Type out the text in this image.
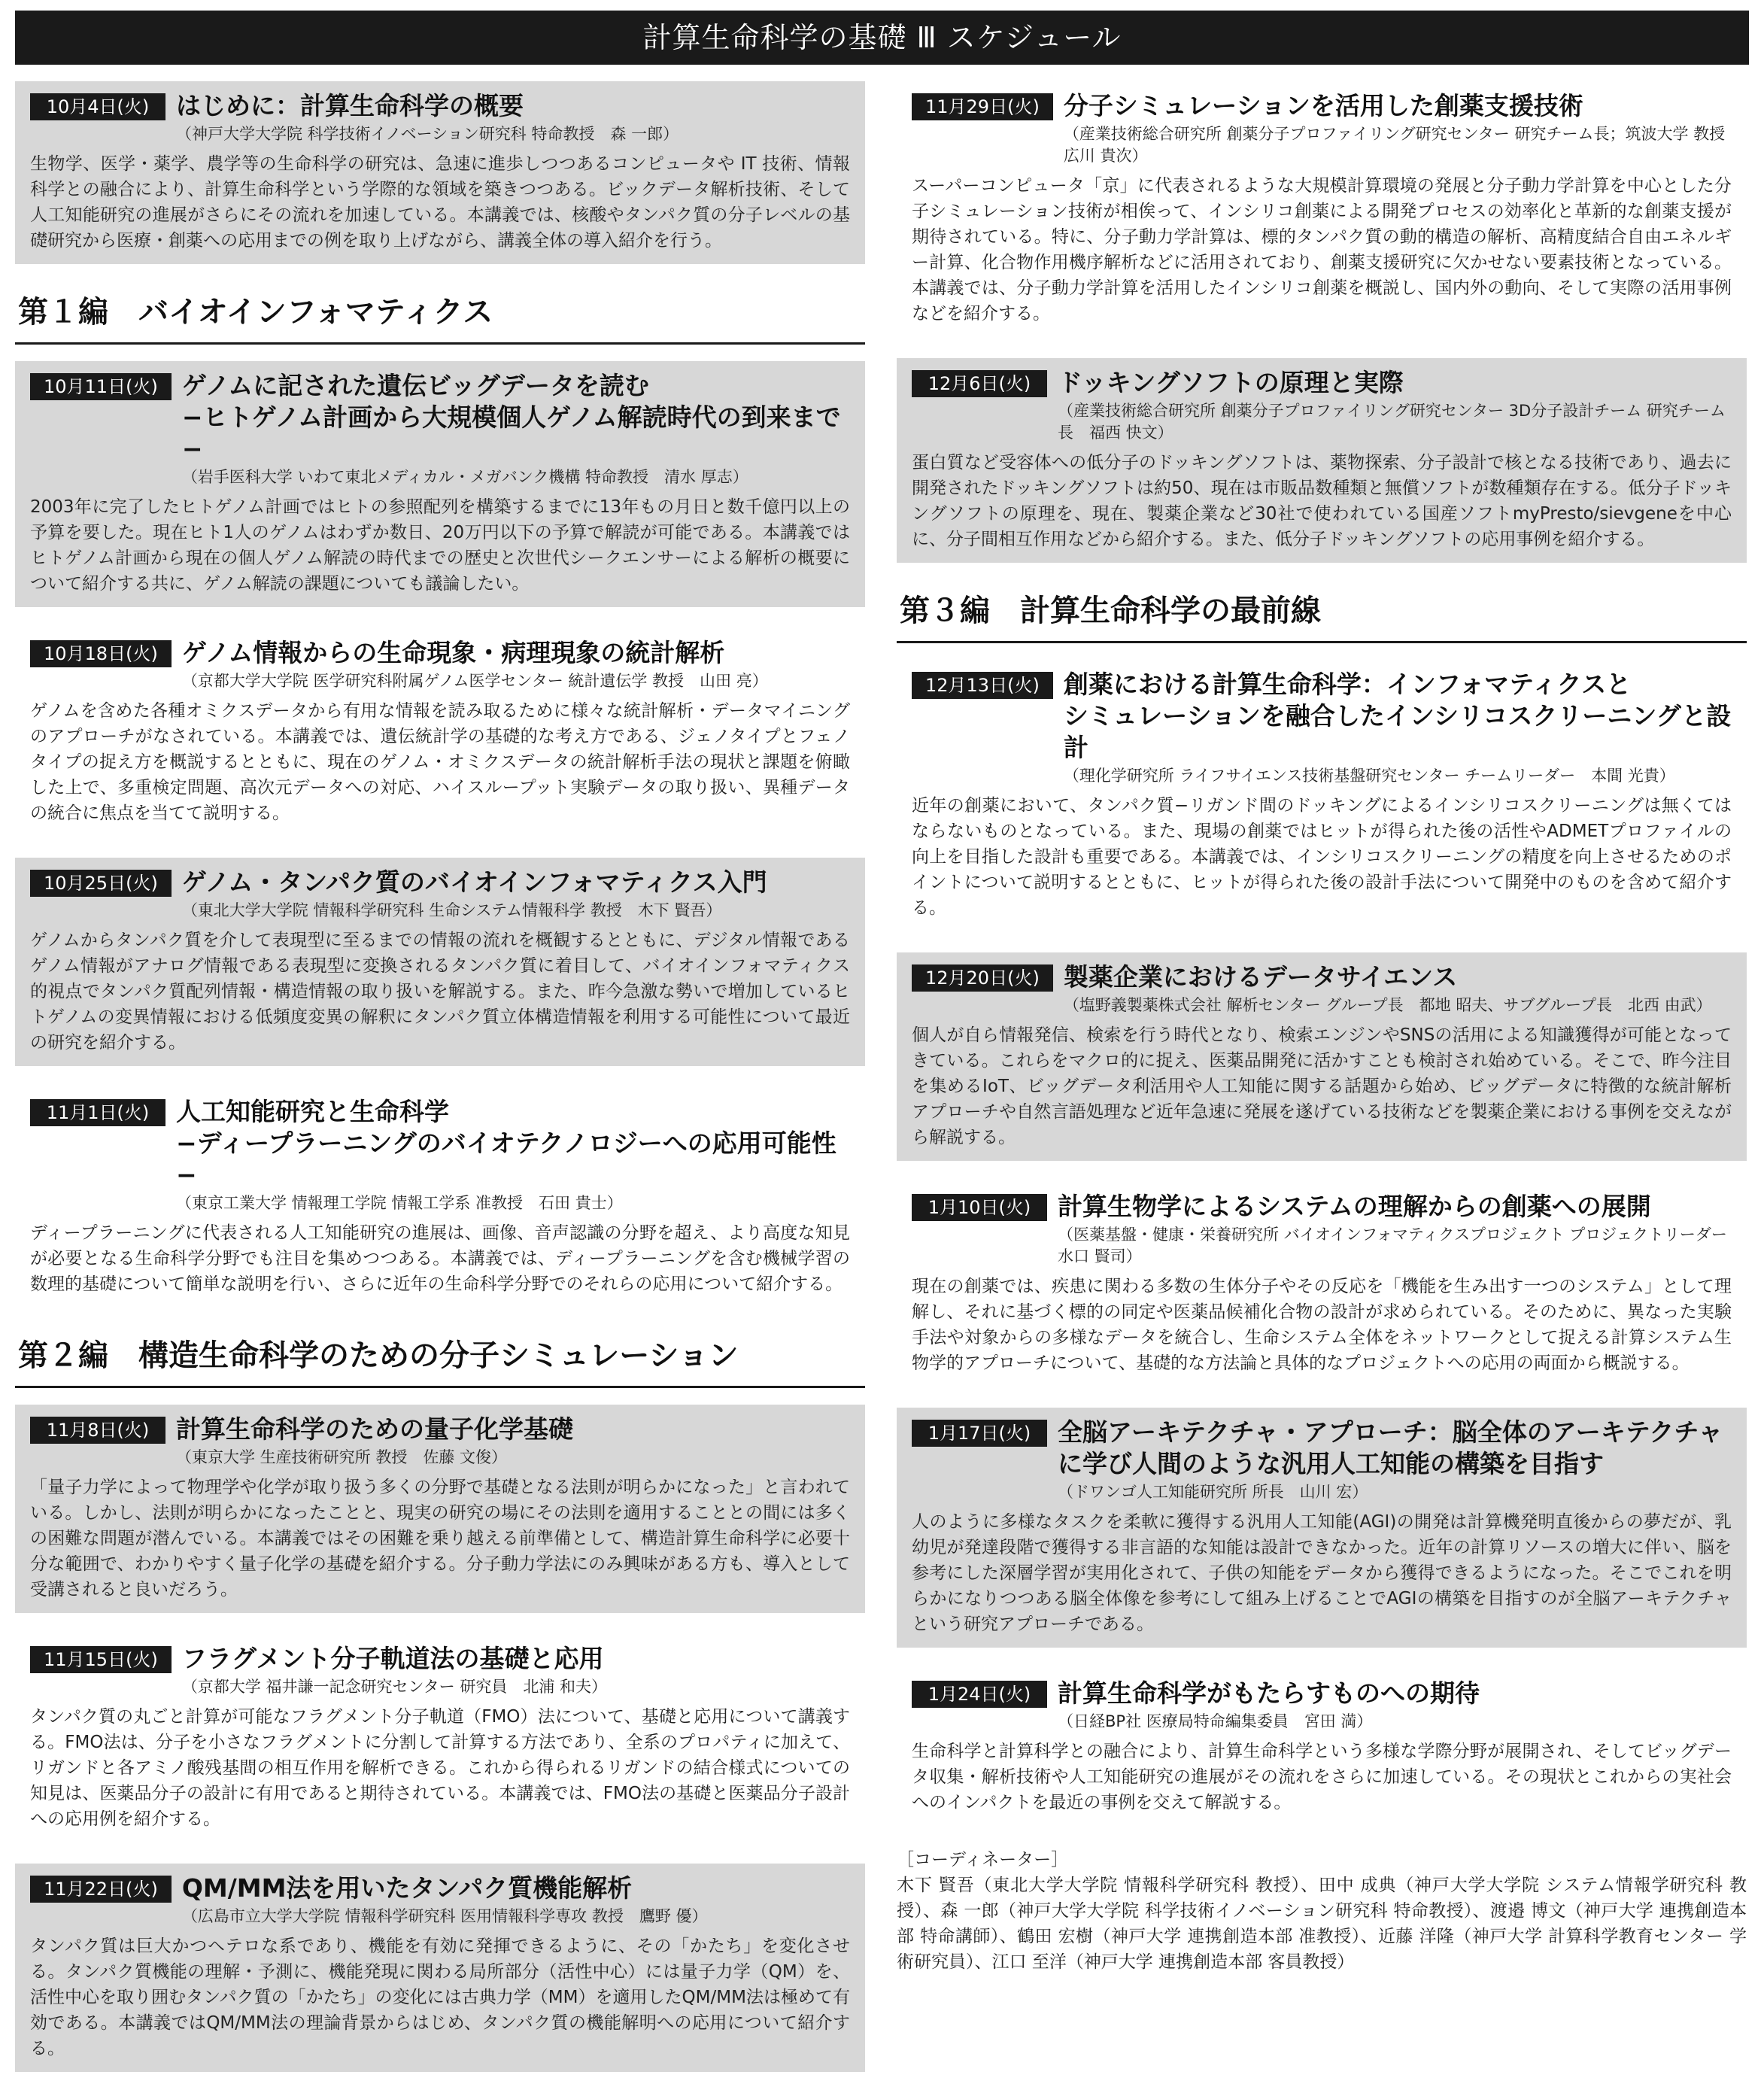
計算生命科学の基礎 Ⅲ スケジュール
10月4日(火)	はじめに：計算生命科学の概要
（神戸大学大学院 科学技術イノベーション研究科 特命教授　森 一郎）
生物学、医学・薬学、農学等の生命科学の研究は、急速に進歩しつつあるコンピュータや IT 技術、情報科学との融合により、計算生命科学という学際的な領域を築きつつある。ビックデータ解析技術、そして人工知能研究の進展がさらにその流れを加速している。本講義では、核酸やタンパク質の分子レベルの基礎研究から医療・創薬への応用までの例を取り上げながら、講義全体の導入紹介を行う。
第１編　バイオインフォマティクス
10月11日(火) ゲノムに記された遺伝ビッグデータを読む
−ヒトゲノム計画から大規模個人ゲノム解読時代の到来まで−
（岩手医科大学 いわて東北メディカル・メガバンク機構 特命教授　清水 厚志）
2003年に完了したヒトゲノム計画ではヒトの参照配列を構築するまでに13年もの月日と数千億円以上の予算を要した。現在ヒト1人のゲノムはわずか数日、20万円以下の予算で解読が可能である。本講義ではヒトゲノム計画から現在の個人ゲノム解読の時代までの歴史と次世代シークエンサーによる解析の概要について紹介する共に、ゲノム解読の課題についても議論したい。
10月18日(火) ゲノム情報からの生命現象・病理現象の統計解析
（京都大学大学院 医学研究科附属ゲノム医学センター 統計遺伝学 教授　山田 亮）
ゲノムを含めた各種オミクスデータから有用な情報を読み取るために様々な統計解析・データマイニングのアプローチがなされている。本講義では、遺伝統計学の基礎的な考え方である、ジェノタイプとフェノタイプの捉え方を概説するとともに、現在のゲノム・オミクスデータの統計解析手法の現状と課題を俯瞰した上で、多重検定問題、高次元データへの対応、ハイスループット実験データの取り扱い、異種データの統合に焦点を当てて説明する。
10月25日(火) ゲノム・タンパク質のバイオインフォマティクス入門
（東北大学大学院 情報科学研究科 生命システム情報科学 教授　木下 賢吾）
ゲノムからタンパク質を介して表現型に至るまでの情報の流れを概観するとともに、デジタル情報であるゲノム情報がアナログ情報である表現型に変換されるタンパク質に着目して、バイオインフォマティクス的視点でタンパク質配列情報・構造情報の取り扱いを解説する。また、昨今急激な勢いで増加しているヒトゲノムの変異情報における低頻度変異の解釈にタンパク質立体構造情報を利用する可能性について最近の研究を紹介する。
11月1日(火)	人工知能研究と生命科学
−ディープラーニングのバイオテクノロジーへの応用可能性−
（東京工業大学 情報理工学院 情報工学系 准教授　石田 貴士）
ディープラーニングに代表される人工知能研究の進展は、画像、音声認識の分野を超え、より高度な知見が必要となる生命科学分野でも注目を集めつつある。本講義では、ディープラーニングを含む機械学習の数理的基礎について簡単な説明を行い、さらに近年の生命科学分野でのそれらの応用について紹介する。
第２編　構造生命科学のための分子シミュレーション
11月8日(火)	計算生命科学のための量子化学基礎
（東京大学 生産技術研究所 教授　佐藤 文俊）
「量子力学によって物理学や化学が取り扱う多くの分野で基礎となる法則が明らかになった」と言われている。しかし、法則が明らかになったことと、現実の研究の場にその法則を適用することとの間には多くの困難な問題が潜んでいる。本講義ではその困難を乗り越える前準備として、構造計算生命科学に必要十分な範囲で、わかりやすく量子化学の基礎を紹介する。分子動力学法にのみ興味がある方も、導入として受講されると良いだろう。
11月15日(火) フラグメント分子軌道法の基礎と応用
（京都大学 福井謙一記念研究センター 研究員　北浦 和夫）
タンパク質の丸ごと計算が可能なフラグメント分子軌道（FMO）法について、基礎と応用について講義する。FMO法は、分子を小さなフラグメントに分割して計算する方法であり、全系のプロパティに加えて、リガンドと各アミノ酸残基間の相互作用を解析できる。これから得られるリガンドの結合様式についての知見は、医薬品分子の設計に有用であると期待されている。本講義では、FMO法の基礎と医薬品分子設計への応用例を紹介する。
11月22日(火) QM/MM法を用いたタンパク質機能解析
（広島市立大学大学院 情報科学研究科 医用情報科学専攻 教授　鷹野 優）
タンパク質は巨大かつヘテロな系であり、機能を有効に発揮できるように、その「かたち」を変化させる。タンパク質機能の理解・予測に、機能発現に関わる局所部分（活性中心）には量子力学（QM）を、活性中心を取り囲むタンパク質の「かたち」の変化には古典力学（MM）を適用したQM/MM法は極めて有効である。本講義ではQM/MM法の理論背景からはじめ、タンパク質の機能解明への応用について紹介する。
11月29日(火) 分子シミュレーションを活用した創薬支援技術
（産業技術総合研究所 創薬分子プロファイリング研究センター 研究チーム長；筑波大学 教授　広川 貴次）
スーパーコンピュータ「京」に代表されるような大規模計算環境の発展と分子動力学計算を中心とした分子シミュレーション技術が相俟って、インシリコ創薬による開発プロセスの効率化と革新的な創薬支援が期待されている。特に、分子動力学計算は、標的タンパク質の動的構造の解析、高精度結合自由エネルギー計算、化合物作用機序解析などに活用されており、創薬支援研究に欠かせない要素技術となっている。本講義では、分子動力学計算を活用したインシリコ創薬を概説し、国内外の動向、そして実際の活用事例などを紹介する。
12月6日(火)	ドッキングソフトの原理と実際
（産業技術総合研究所 創薬分子プロファイリング研究センター 3D分子設計チーム 研究チーム長　福西 快文）
蛋白質など受容体への低分子のドッキングソフトは、薬物探索、分子設計で核となる技術であり、過去に開発されたドッキングソフトは約50、現在は市販品数種類と無償ソフトが数種類存在する。低分子ドッキングソフトの原理を、現在、製薬企業など30社で使われている国産ソフトmyPresto/sievgeneを中心に、分子間相互作用などから紹介する。また、低分子ドッキングソフトの応用事例を紹介する。
第３編　計算生命科学の最前線
12月13日(火) 創薬における計算生命科学：インフォマティクスと
シミュレーションを融合したインシリコスクリーニングと設計
（理化学研究所 ライフサイエンス技術基盤研究センター チームリーダー　本間 光貴）
近年の創薬において、タンパク質−リガンド間のドッキングによるインシリコスクリーニングは無くてはならないものとなっている。また、現場の創薬ではヒットが得られた後の活性やADMETプロファイルの向上を目指した設計も重要である。本講義では、インシリコスクリーニングの精度を向上させるためのポイントについて説明するとともに、ヒットが得られた後の設計手法について開発中のものを含めて紹介する。
12月20日(火) 製薬企業におけるデータサイエンス
（塩野義製薬株式会社 解析センター グループ長　都地 昭夫、サブグループ長　北西 由武）
個人が自ら情報発信、検索を行う時代となり、検索エンジンやSNSの活用による知識獲得が可能となってきている。これらをマクロ的に捉え、医薬品開発に活かすことも検討され始めている。そこで、昨今注目を集めるIoT、ビッグデータ利活用や人工知能に関する話題から始め、ビッグデータに特徴的な統計解析アプローチや自然言語処理など近年急速に発展を遂げている技術などを製薬企業における事例を交えながら解説する。
1月10日(火)	計算生物学によるシステムの理解からの創薬への展開
（医薬基盤・健康・栄養研究所 バイオインフォマティクスプロジェクト プロジェクトリーダー　水口 賢司）
現在の創薬では、疾患に関わる多数の生体分子やその反応を「機能を生み出す一つのシステム」として理解し、それに基づく標的の同定や医薬品候補化合物の設計が求められている。そのために、異なった実験手法や対象からの多様なデータを統合し、生命システム全体をネットワークとして捉える計算システム生物学的アプローチについて、基礎的な方法論と具体的なプロジェクトへの応用の両面から概説する。
1月17日(火)	全脳アーキテクチャ・アプローチ：脳全体のアーキテクチャ
に学び人間のような汎用人工知能の構築を目指す
（ドワンゴ人工知能研究所 所長　山川 宏）
人のように多様なタスクを柔軟に獲得する汎用人工知能(AGI)の開発は計算機発明直後からの夢だが、乳幼児が発達段階で獲得する非言語的な知能は設計できなかった。近年の計算リソースの増大に伴い、脳を参考にした深層学習が実用化されて、子供の知能をデータから獲得できるようになった。そこでこれを明らかになりつつある脳全体像を参考にして組み上げることでAGIの構築を目指すのが全脳アーキテクチャという研究アプローチである。
1月24日(火)	計算生命科学がもたらすものへの期待
（日経BP社 医療局特命編集委員　宮田 満）
生命科学と計算科学との融合により、計算生命科学という多様な学際分野が展開され、そしてビッグデータ収集・解析技術や人工知能研究の進展がその流れをさらに加速している。その現状とこれからの実社会へのインパクトを最近の事例を交えて解説する。
［コーディネーター］
木下 賢吾（東北大学大学院 情報科学研究科 教授）、田中 成典（神戸大学大学院 システム情報学研究科 教授）、森 一郎（神戸大学大学院 科学技術イノベーション研究科 特命教授）、渡邉 博文（神戸大学 連携創造本部 特命講師）、鶴田 宏樹（神戸大学 連携創造本部 准教授）、近藤 洋隆（神戸大学 計算科学教育センター 学術研究員）、江口 至洋（神戸大学 連携創造本部 客員教授）
